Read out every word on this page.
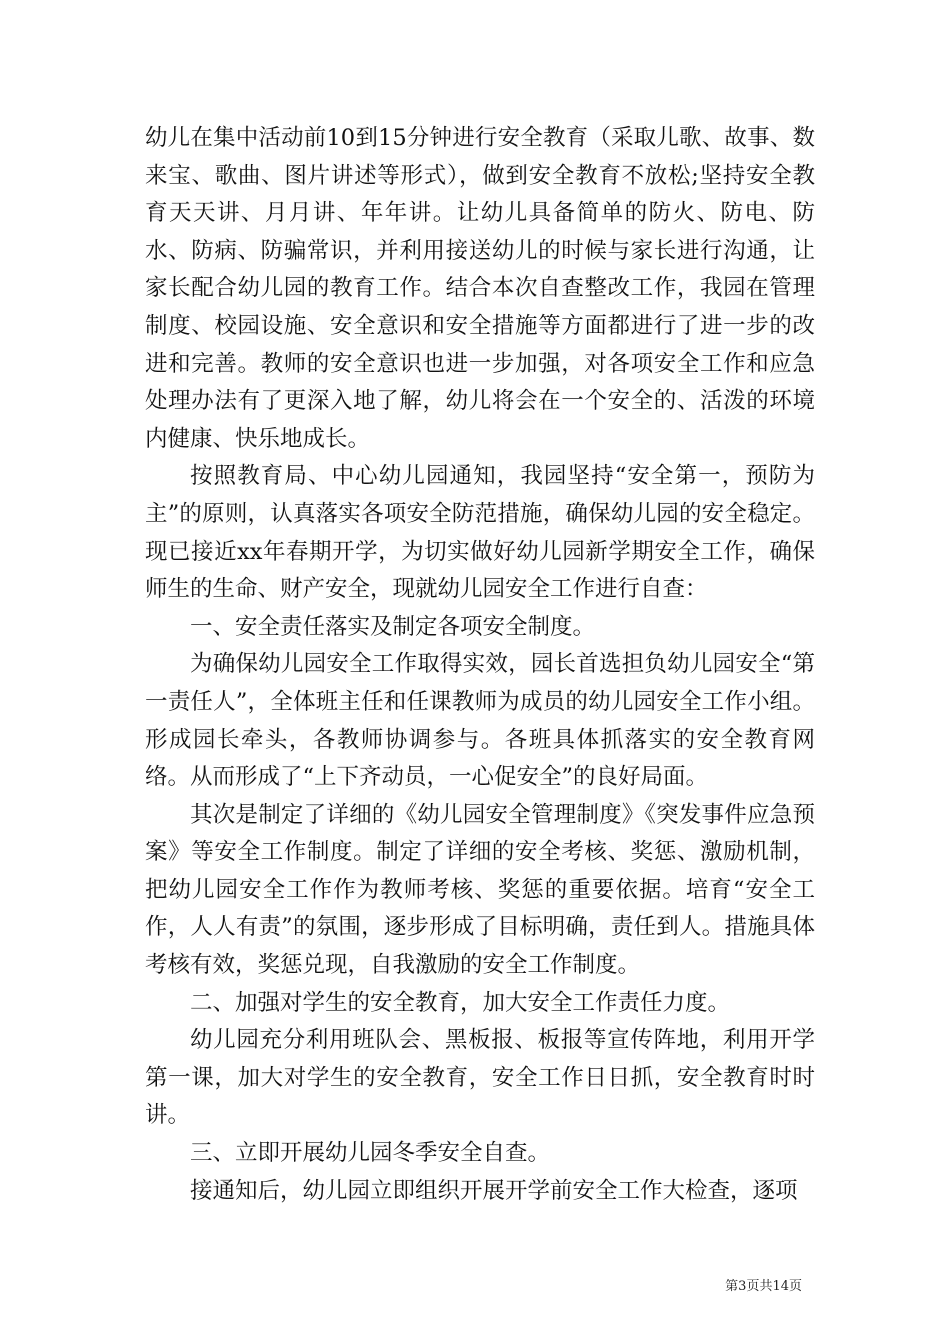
幼儿在集中活动前10到15分钟进行安全教育（采取儿歌、故事、数来宝、歌曲、图片讲述等形式），做到安全教育不放松;坚持安全教育天天讲、月月讲、年年讲。让幼儿具备简单的防火、防电、防水、防病、防骗常识，并利用接送幼儿的时候与家长进行沟通，让家长配合幼儿园的教育工作。结合本次自查整改工作，我园在管理制度、校园设施、安全意识和安全措施等方面都进行了进一步的改进和完善。教师的安全意识也进一步加强，对各项安全工作和应急处理办法有了更深入地了解，幼儿将会在一个安全的、活泼的环境内健康、快乐地成长。

按照教育局、中心幼儿园通知，我园坚持“安全第一，预防为主”的原则，认真落实各项安全防范措施，确保幼儿园的安全稳定。现已接近xx年春期开学，为切实做好幼儿园新学期安全工作，确保师生的生命、财产安全，现就幼儿园安全工作进行自查：

一、安全责任落实及制定各项安全制度。

为确保幼儿园安全工作取得实效，园长首选担负幼儿园安全“第一责任人”，全体班主任和任课教师为成员的幼儿园安全工作小组。形成园长牵头，各教师协调参与。各班具体抓落实的安全教育网络。从而形成了“上下齐动员，一心促安全”的良好局面。

其次是制定了详细的《幼儿园安全管理制度》《突发事件应急预案》等安全工作制度。制定了详细的安全考核、奖惩、激励机制，把幼儿园安全工作作为教师考核、奖惩的重要依据。培育“安全工作，人人有责”的氛围，逐步形成了目标明确，责任到人。措施具体考核有效，奖惩兑现，自我激励的安全工作制度。

二、加强对学生的安全教育，加大安全工作责任力度。

幼儿园充分利用班队会、黑板报、板报等宣传阵地，利用开学第一课，加大对学生的安全教育，安全工作日日抓，安全教育时时讲。

三、立即开展幼儿园冬季安全自查。

接通知后，幼儿园立即组织开展开学前安全工作大检查，逐项

第3页共14页
